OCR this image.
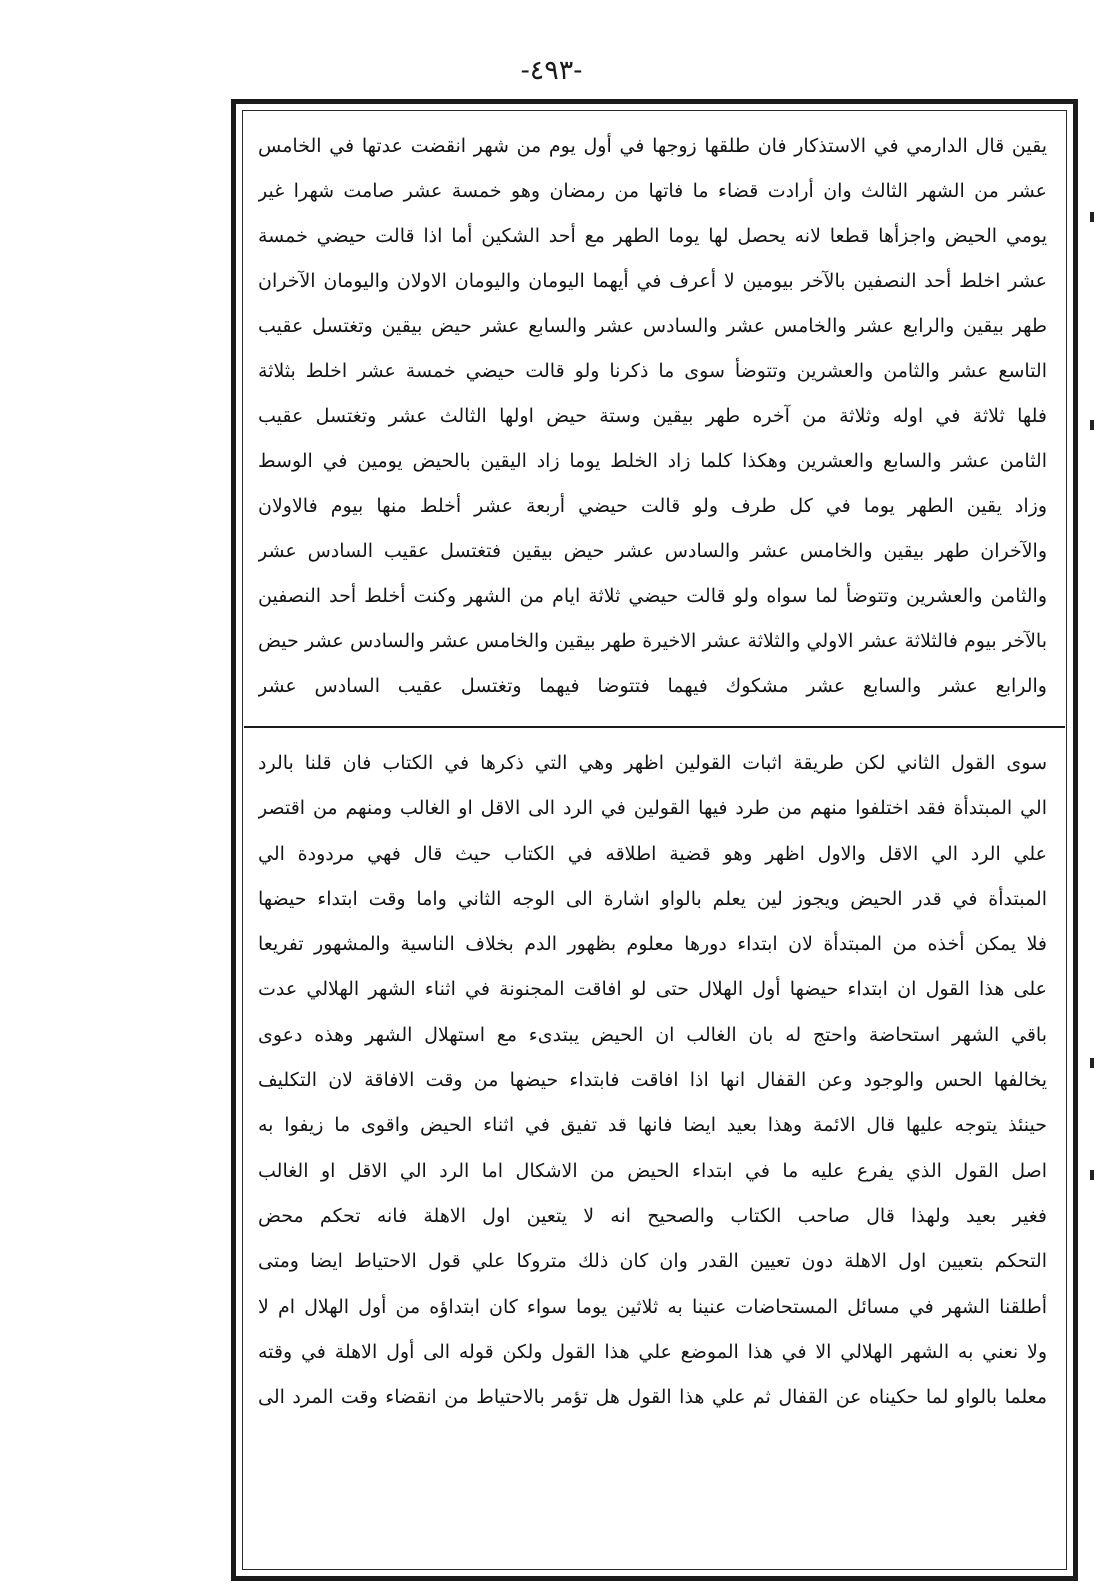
-٤٩٣-
يقين قال الدارمي في الاستذكار فان طلقها زوجها في أول يوم من شهر انقضت عدتها في الخامس
عشر من الشهر الثالث وان أرادت قضاء ما فاتها من رمضان وهو خمسة عشر صامت شهرا غير
يومي الحيض واجزأها قطعا لانه يحصل لها يوما الطهر مع أحد الشكين أما اذا قالت حيضي خمسة
عشر اخلط أحد النصفين بالآخر بيومين لا أعرف في أيهما اليومان واليومان الاولان واليومان الآخران
طهر بيقين والرابع عشر والخامس عشر والسادس عشر والسابع عشر حيض بيقين وتغتسل عقيب
التاسع عشر والثامن والعشرين وتتوضأ سوى ما ذكرنا ولو قالت حيضي خمسة عشر اخلط بثلاثة
فلها ثلاثة في اوله وثلاثة من آخره طهر بيقين وستة حيض اولها الثالث عشر وتغتسل عقيب
الثامن عشر والسابع والعشرين وهكذا كلما زاد الخلط يوما زاد اليقين بالحيض يومين في الوسط
وزاد يقين الطهر يوما في كل طرف ولو قالت حيضي أربعة عشر أخلط منها بيوم فالاولان
والآخران طهر بيقين والخامس عشر والسادس عشر حيض بيقين فتغتسل عقيب السادس عشر
والثامن والعشرين وتتوضأ لما سواه ولو قالت حيضي ثلاثة ايام من الشهر وكنت أخلط أحد النصفين
بالآخر بيوم فالثلاثة عشر الاولي والثلاثة عشر الاخيرة طهر بيقين والخامس عشر والسادس عشر حيض
والرابع عشر والسابع عشر مشكوك فيهما فتتوضا فيهما وتغتسل عقيب السادس عشر
سوى القول الثاني لكن طريقة اثبات القولين اظهر وهي التي ذكرها في الكتاب فان قلنا بالرد
الي المبتدأة فقد اختلفوا منهم من طرد فيها القولين في الرد الى الاقل او الغالب ومنهم من اقتصر
علي الرد الي الاقل والاول اظهر وهو قضية اطلاقه في الكتاب حيث قال فهي مردودة الي
المبتدأة في قدر الحيض ويجوز لين يعلم بالواو اشارة الى الوجه الثاني واما وقت ابتداء حيضها
فلا يمكن أخذه من المبتدأة لان ابتداء دورها معلوم بظهور الدم بخلاف الناسية والمشهور تفريعا
على هذا القول ان ابتداء حيضها أول الهلال حتى لو افاقت المجنونة في اثناء الشهر الهلالي عدت
باقي الشهر استحاضة واحتج له بان الغالب ان الحيض يبتدىء مع استهلال الشهر وهذه دعوى
يخالفها الحس والوجود وعن القفال انها اذا افاقت فابتداء حيضها من وقت الافاقة لان التكليف
حينئذ يتوجه عليها قال الائمة وهذا بعيد ايضا فانها قد تفيق في اثناء الحيض واقوى ما زيفوا به
اصل القول الذي يفرع عليه ما في ابتداء الحيض من الاشكال اما الرد الي الاقل او الغالب
فغير بعيد ولهذا قال صاحب الكتاب والصحيح انه لا يتعين اول الاهلة فانه تحكم محض
التحكم بتعيين اول الاهلة دون تعيين القدر وان كان ذلك متروكا علي قول الاحتياط ايضا ومتى
أطلقنا الشهر في مسائل المستحاضات عنينا به ثلاثين يوما سواء كان ابتداؤه من أول الهلال ام لا
ولا نعني به الشهر الهلالي الا في هذا الموضع علي هذا القول ولكن قوله الى أول الاهلة في وقته
معلما بالواو لما حكيناه عن القفال ثم علي هذا القول هل تؤمر بالاحتياط من انقضاء وقت المرد الى
